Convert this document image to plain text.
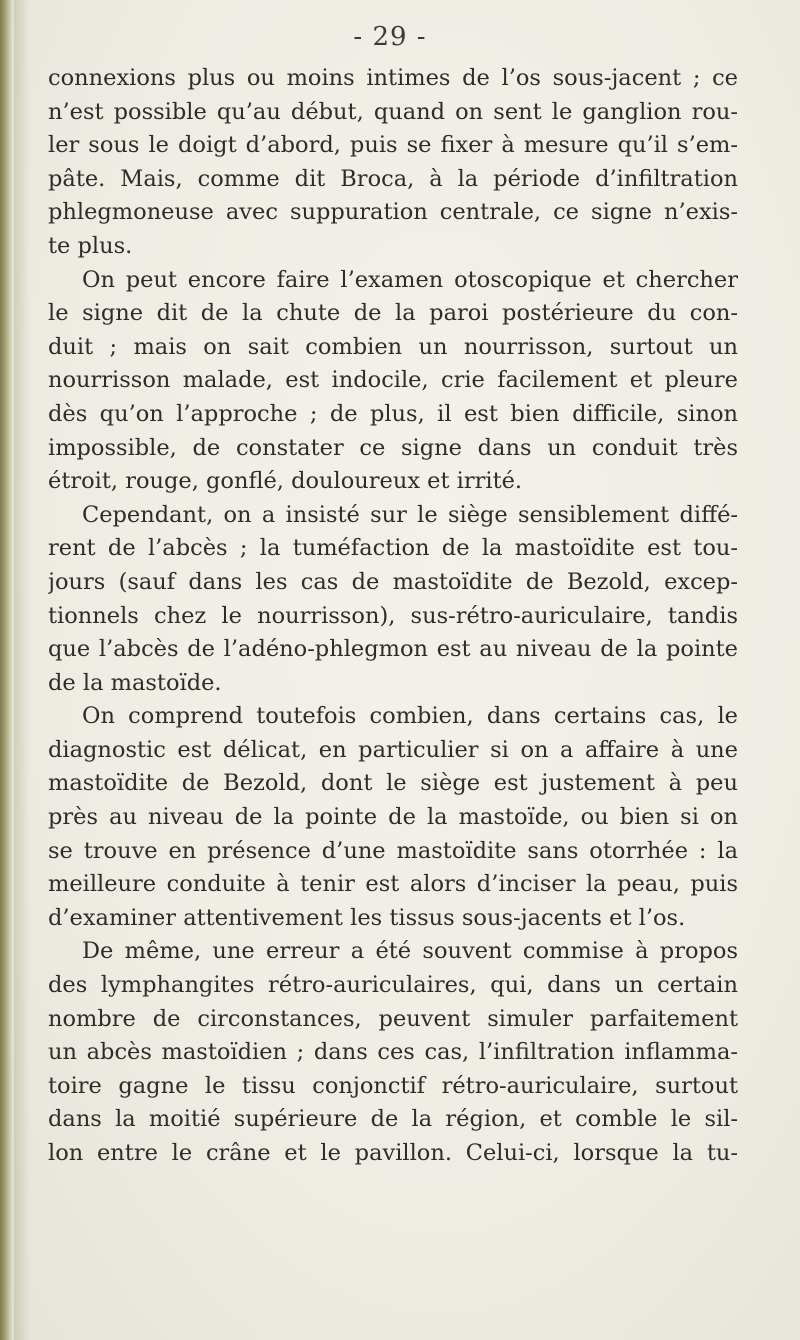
- 29 -
connexions plus ou moins intimes de l’os sous-jacent ; ce
n’est possible qu’au début, quand on sent le ganglion rou-
ler sous le doigt d’abord, puis se fixer à mesure qu’il s’em-
pâte. Mais, comme dit Broca, à la période d’infiltration
phlegmoneuse avec suppuration centrale, ce signe n’exis-
te plus.
On peut encore faire l’examen otoscopique et chercher
le signe dit de la chute de la paroi postérieure du con-
duit ; mais on sait combien un nourrisson, surtout un
nourrisson malade, est indocile, crie facilement et pleure
dès qu’on l’approche ; de plus, il est bien difficile, sinon
impossible, de constater ce signe dans un conduit très
étroit, rouge, gonflé, douloureux et irrité.
Cependant, on a insisté sur le siège sensiblement diffé-
rent de l’abcès ; la tuméfaction de la mastoïdite est tou-
jours (sauf dans les cas de mastoïdite de Bezold, excep-
tionnels chez le nourrisson), sus-rétro-auriculaire, tandis
que l’abcès de l’adéno-phlegmon est au niveau de la pointe
de la mastoïde.
On comprend toutefois combien, dans certains cas, le
diagnostic est délicat, en particulier si on a affaire à une
mastoïdite de Bezold, dont le siège est justement à peu
près au niveau de la pointe de la mastoïde, ou bien si on
se trouve en présence d’une mastoïdite sans otorrhée : la
meilleure conduite à tenir est alors d’inciser la peau, puis
d’examiner attentivement les tissus sous-jacents et l’os.
De même, une erreur a été souvent commise à propos
des lymphangites rétro-auriculaires, qui, dans un certain
nombre de circonstances, peuvent simuler parfaitement
un abcès mastoïdien ; dans ces cas, l’infiltration inflamma-
toire gagne le tissu conjonctif rétro-auriculaire, surtout
dans la moitié supérieure de la région, et comble le sil-
lon entre le crâne et le pavillon. Celui-ci, lorsque la tu-
